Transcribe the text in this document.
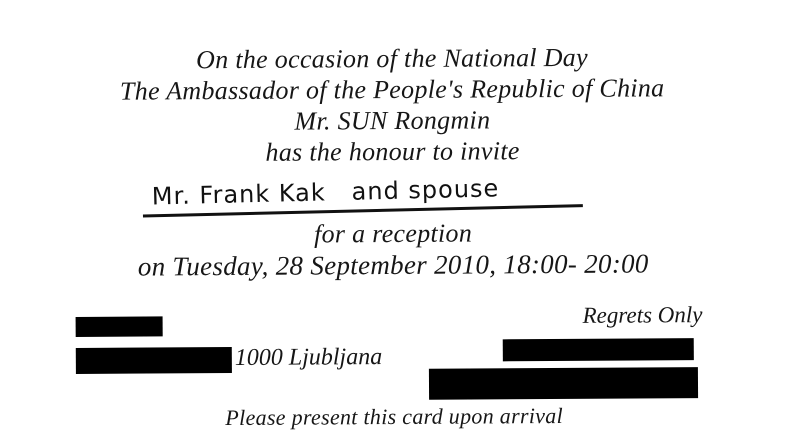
On the occasion of the National Day
The Ambassador of the People's Republic of China
Mr. SUN Rongmin
has the honour to invite
Mr. Frank Kak   and spouse
for a reception
on Tuesday, 28 September 2010, 18:00- 20:00
1000 Ljubljana
Regrets Only
Please present this card upon arrival
